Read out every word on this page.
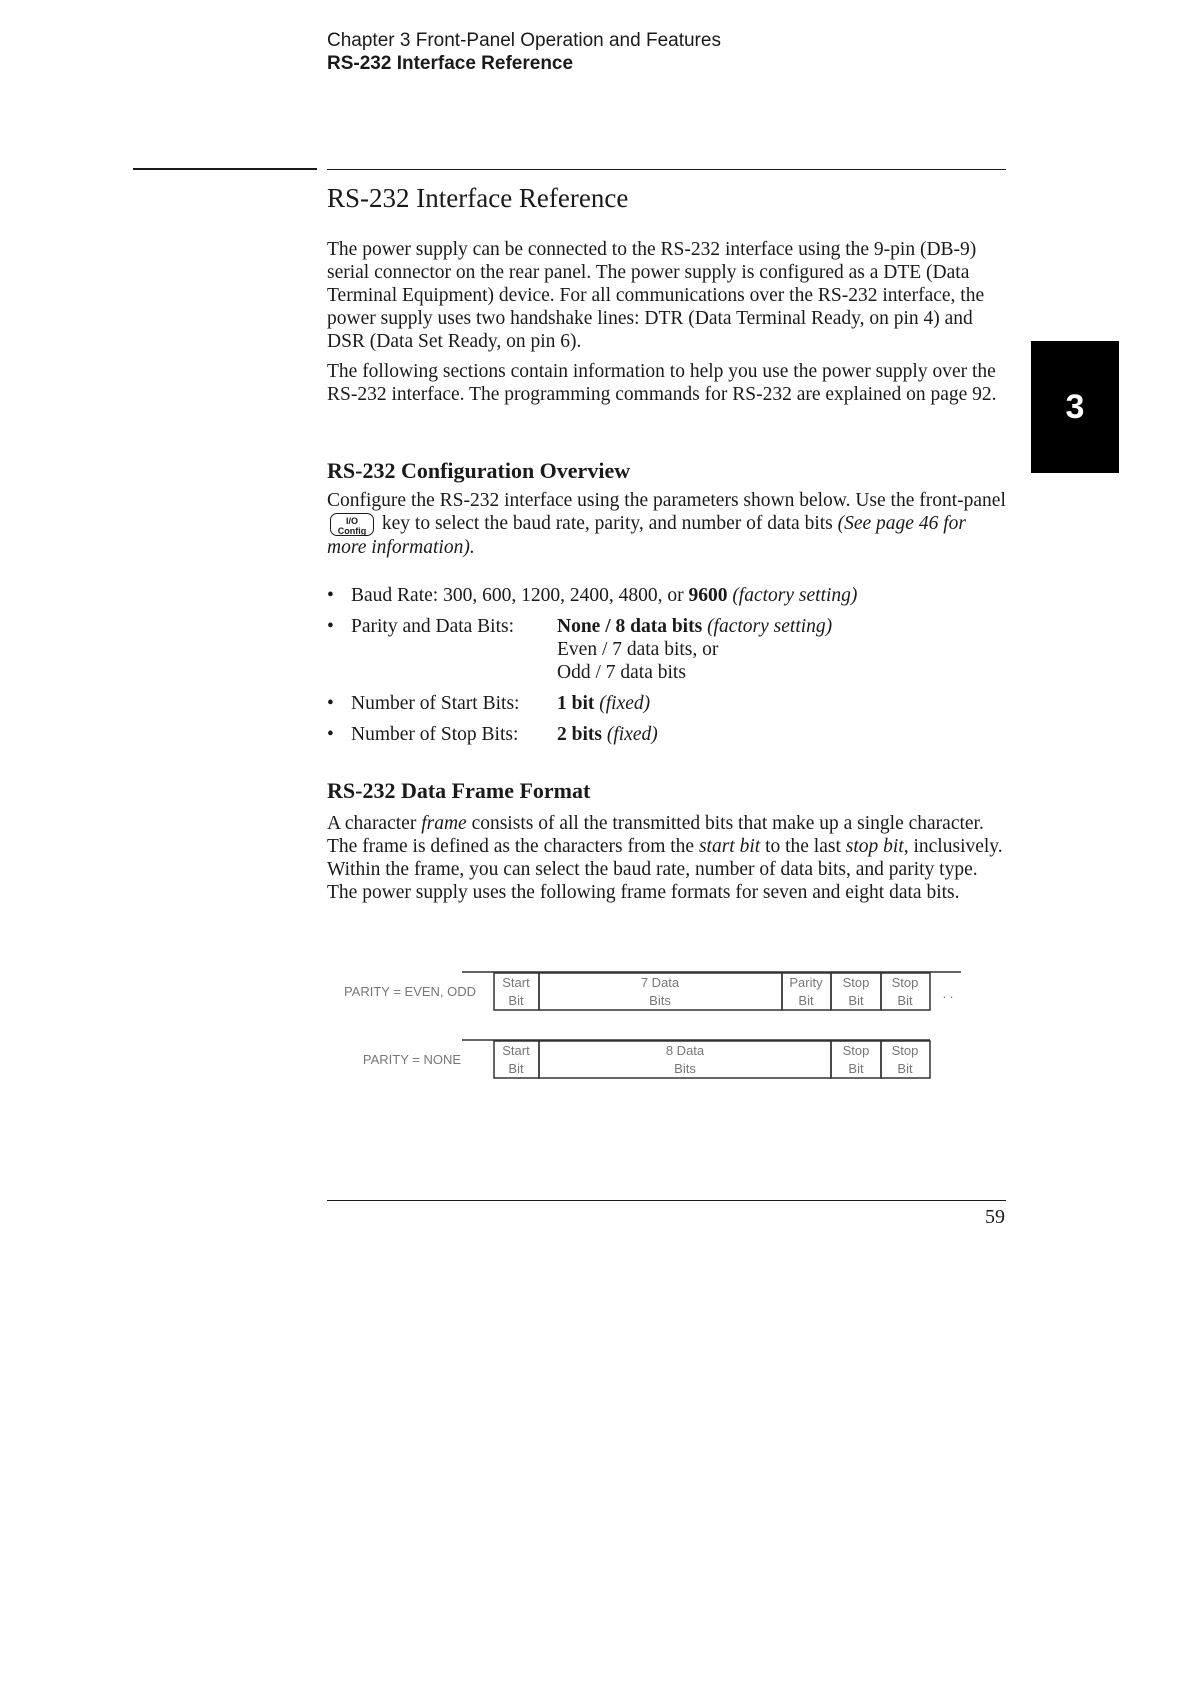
Chapter 3 Front-Panel Operation and Features
RS-232 Interface Reference
RS-232 Interface Reference
The power supply can be connected to the RS-232 interface using the 9-pin (DB-9) serial connector on the rear panel. The power supply is configured as a DTE (Data Terminal Equipment) device. For all communications over the RS-232 interface, the power supply uses two handshake lines: DTR (Data Terminal Ready, on pin 4) and DSR (Data Set Ready, on pin 6).
The following sections contain information to help you use the power supply over the RS-232 interface. The programming commands for RS-232 are explained on page 92.
RS-232 Configuration Overview
Configure the RS-232 interface using the parameters shown below. Use the front-panel I/O
Config key to select the baud rate, parity, and number of data bits (See page 46 for more information).
• Baud Rate: 300, 600, 1200, 2400, 4800, or 9600 (factory setting)
• Parity and Data Bits: None / 8 data bits (factory setting)
Even / 7 data bits, or
Odd / 7 data bits
• Number of Start Bits: 1 bit (fixed)
• Number of Stop Bits: 2 bits (fixed)
RS-232 Data Frame Format
A character frame consists of all the transmitted bits that make up a single character. The frame is defined as the characters from the start bit to the last stop bit, inclusively. Within the frame, you can select the baud rate, number of data bits, and parity type. The power supply uses the following frame formats for seven and eight data bits.
PARITY = EVEN, ODD
Start
Bit
7 Data
Bits
Parity
Bit
Stop
Bit
Stop
Bit . .
PARITY = NONE
Start
Bit
8 Data
Bits
Stop
Bit
Stop
Bit
3
59
